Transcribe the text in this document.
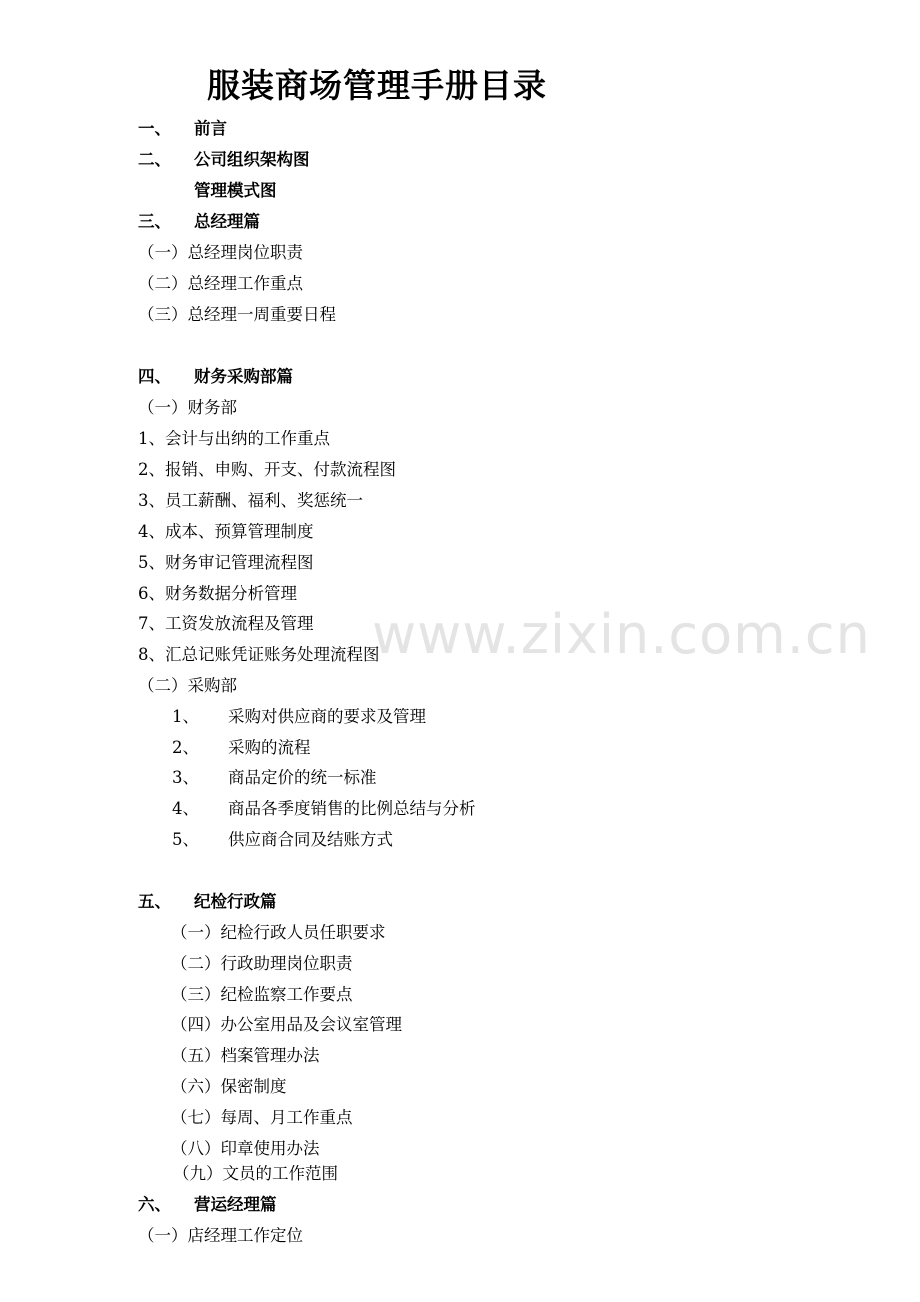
www.zixin.com.cn
服装商场管理手册目录
一、 前言
二、 公司组织架构图
管理模式图
三、 总经理篇
（一）总经理岗位职责
（二）总经理工作重点
（三）总经理一周重要日程
四、 财务采购部篇
（一）财务部
1、会计与出纳的工作重点
2、报销、申购、开支、付款流程图
3、员工薪酬、福利、奖惩统一
4、成本、预算管理制度
5、财务审记管理流程图
6、财务数据分析管理
7、工资发放流程及管理
8、汇总记账凭证账务处理流程图
（二）采购部
1、 采购对供应商的要求及管理
2、 采购的流程
3、 商品定价的统一标准
4、 商品各季度销售的比例总结与分析
5、 供应商合同及结账方式
五、 纪检行政篇
（一）纪检行政人员任职要求
（二）行政助理岗位职责
（三）纪检监察工作要点
（四）办公室用品及会议室管理
（五）档案管理办法
（六）保密制度
（七）每周、月工作重点
（八）印章使用办法
（九）文员的工作范围
六、 营运经理篇
（一）店经理工作定位
